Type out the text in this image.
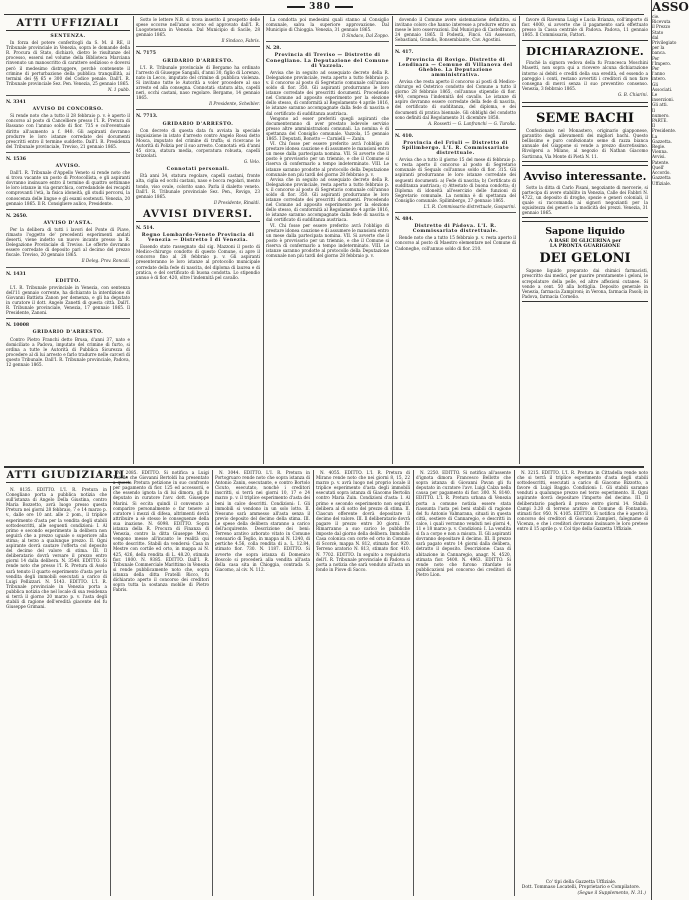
380
ATTI UFFIZIALI
SENTENZA.
In forza del potere conferitogli da S. M. il RE, il Tribunale provinciale in Venezia, sopra le domande della R. Procura di Stato, dichiarò, dietro le risultanze del processo, essersi nel volume della Biblioteca Marciana rinvenuto un manoscritto di carattere sedizioso e doversi però il medesimo distruggere, perchè contenente il crimine di perturbazione della pubblica tranquillità, ai termini dei §§ 65 e 300 del Codice penale. Dall'I. R. Tribunale provinciale Sez. Pen. Venezia, 25 gennaio 1865.
N. 1 pubb.
N. 3341
AVVISO DI CONCORSO.
Si rende noto che a tutto il 28 febbraio p. v. è aperto il concorso al posto di Cancelliere presso l'I. R. Pretura di Bassano con l'annuo soldo di fior. 735 e coll'eventuale diritto all'aumento a f. 840. Gli aspiranti dovranno produrre le loro istanze corredate dei documenti prescritti entro il termine suddetto. Dall'I. R. Presidenza del Tribunale provinciale, Treviso, 21 gennaio 1865.
N. 1536
AVVISO.
Dall'I. R. Tribunale d'Appello Veneto si rende noto che si trova vacante un posto di Protocollista, e gli aspiranti dovranno insinuare entro il termine di quattro settimane le loro istanze in via gerarchica, corredandole dei recapiti comprovanti l'età, la fisica idoneità, gli studii percorsi, la conoscenza delle lingue e gli esami sostenuti. Venezia, 20 gennaio 1865. Il R. Consigliere aulico, Presidente.
N. 2650.
AVVISO D'ASTA.
Per la delibera di tutti i lavori del Ponte di Piave, rimasto l'oggetto de' precedenti esperimenti andati deserti, viene indetto un nuovo incanto presso la R. Delegazione Provinciale di Treviso. Le offerte dovranno essere corredate di deposito pari al decimo del prezzo fiscale. Treviso, 20 gennaio 1865.
Il Deleg. Prov. Roncali.
N. 1431
EDITTO.
L'I. R. Tribunale provinciale in Venezia, con sentenza dell'11 gennaio corrente, ha dichiarato la interdizione di Giovanni Battista Zanon per demenza, e gli ha deputato in curatore il dott. Angelo Zanetti di questa città. Dall'I. R. Tribunale provinciale, Venezia, 17 gennaio 1865. Il Presidente, Zanoni.
N. 10008
GRIDARIO D'ARRESTO.
Contro Pietro Franchi detto Brusa, d'anni 37, nato e domiciliato a Padova, imputato del crimine di furto, si ordina a tutte le Autorità di Pubblica Sicurezza di procedere al di lui arresto e farlo tradurre nelle carceri di questo Tribunale. Dall'I. R. Tribunale provinciale, Padova, 12 gennaio 1865.
Sotto le lettere N.B. si trova inserito il prospetto delle spese occorse nell'anno scorso ed approvato dall'I. R. Luogotenenza in Venezia. Dal Municipio di Sacile, 28 gennaio 1865.
Il Sindaco, Fabris.
N. 7175
GRIDARIO D'ARRESTO.
L'I. R. Tribunale provinciale di Bergamo ha ordinato l'arresto di Giuseppe Sangalli, d'anni 30, figlio di Lorenzo, nato in Lecco, imputato del crimine di pubblica violenza. Si invitano tutte le Autorità a voler procedere al suo arresto ed alla consegna. Connotati: statura alta, capelli neri, occhi castani, naso regolare. Bergamo, 14 gennaio 1865.
Il Presidente, Scheibler.
N. 7713.
GRIDARIO D'ARRESTO.
Con decreto di questa data fu avviata la speciale inquisizione in istato d'arresto contro Angelo Rossi detto Mosca, imputato del crimine di truffa; si ricercano le Autorità di Polizia per il suo arresto. Connotati: età d'anni 45 circa, statura media, corporatura robusta, capelli brizzolati.
G. Velo.
Connotati personali.
Età anni 34, statura regolare, capelli castani, fronte alta, ciglia ed occhi castani, naso e bocca regolari, mento tondo, viso ovale, colorito sano. Parla il dialetto veneto. Dall'I. R. Tribunale provinciale Sez. Pen., Rovigo, 23 gennaio 1865.
Il Presidente, Rinaldi.
AVVISI DIVERSI.
N. 514.
Regno Lombardo-Veneto Provincia di Venezia — Distretto I di Venezia.
Essendo stato rassegnato dal sig. Mazzoni il posto di Medico-chirurgo condotto di questo Comune, si apre il concorso fino al 28 febbraio p. v. Gli aspiranti presenteranno le loro istanze al protocollo municipale corredate della fede di nascita, del diploma di laurea e di pratica, e del certificato di buona condotta. Lo stipendio annuo è di fior. 420, oltre l'indennità pel cavallo.
La condotta poi medesimi quali stanno al Consiglio comunale, salva la superiore approvazione. Dal Municipio di Chioggia. Venezia, 31 gennaio 1865.
Il Sindaco, Dal Zoppo.
N. 28.
Provincia di Treviso — Distretto di Conegliano. La Deputazione del Comune di Vazzola.
Avvisa che in seguito ad ossequiato decreto della R. Delegazione provinciale, resta aperto a tutto febbraio p. v. il concorso al posto di Segretario comunale coll'annuo soldo di fior. 350. Gli aspiranti produrranno le loro istanze corredate dei prescritti documenti. Procedendo nel Comune ad apposito esperimento per la elezione dello stesso, di conformità al Regolamento 4 aprile 1816, le istanze saranno accompagnate dalla fede di nascita e dal certificato di sudditanza austriaca.
Vengono ad esser preferiti quegli aspiranti che documenteranno di aver prestato lodevole servizio presso altre amministrazioni comunali. La nomina è di spettanza del Consiglio comunale. Vazzola, 15 gennaio 1865. I Deputati, Bonotto — Carnielli — Zanin.
VI. Chi fosse per essere preferito avrà l'obbligo di prestare idonea cauzione e di assumere le mansioni entro un mese dalla partecipata nomina. VII. Si avverte che il posto è provvisorio per un triennio, e che il Comune si riserva di confermarlo a tempo indeterminato. VIII. Le istanze saranno prodotte al protocollo della Deputazione comunale non più tardi del giorno 28 febbraio p. v.
Avvisa che in seguito ad ossequiato decreto della R. Delegazione provinciale, resta aperto a tutto febbraio p. v. il concorso al posto di Segretario comunale coll'annuo soldo di fior. 350. Gli aspiranti produrranno le loro istanze corredate dei prescritti documenti. Procedendo nel Comune ad apposito esperimento per la elezione dello stesso, di conformità al Regolamento 4 aprile 1816, le istanze saranno accompagnate dalla fede di nascita e dal certificato di sudditanza austriaca.
VI. Chi fosse per essere preferito avrà l'obbligo di prestare idonea cauzione e di assumere le mansioni entro un mese dalla partecipata nomina. VII. Si avverte che il posto è provvisorio per un triennio, e che il Comune si riserva di confermarlo a tempo indeterminato. VIII. Le istanze saranno prodotte al protocollo della Deputazione comunale non più tardi del giorno 28 febbraio p. v.
dovendo il Comune avere sistemazione definitiva, si invitano coloro che hanno interesse a produrre entro un mese le loro osservazioni. Dal Municipio di Castelfranco, 24 gennaio 1865. Il Podestà, Fincó. Gli Assessori, Sebastiani, Grandis, Bonsembiante, Cav. Agostini.
N. 417.
Provincia di Rovigo. Distretto di Lendinara — Comune di Villanova del Ghebbo. La Deputazione amministrativa.
Avvisa che resta aperto il concorso ai posti di Medico-chirurgo ed Ostetrico condotto del Comune a tutto il giorno 28 febbraio 1865, coll'annuo stipendio di fior. 490, compresa l'indennità del cavallo. Le istanze di aspiro dovranno essere corredate della fede di nascita, del certificato di sudditanza, del diploma, e dei documenti di pratica biennale. Gli obblighi del condotto sono definiti dal Regolamento 31 dicembre 1858.
A. Rossetti — G. Lanfranchi — G. Turolla.
N. 410.
Provincia del Friuli — Distretto di Spilimbergo. L'I. R. Commissariato distrettuale.
Avvisa che a tutto il giorno 15 del mese di febbraio p. v. resta aperto il concorso al posto di Segretario comunale di Sequals coll'annuo soldo di fior. 315. Gli aspiranti produrranno le loro istanze corredate dei seguenti documenti: a) Fede di nascita; b) Certificato di sudditanza austriaca; c) Attestato di buona condotta; d) Diploma di idoneità all'esercizio delle funzioni di Segretario comunale. La nomina è di spettanza del Consiglio comunale. Spilimbergo, 27 gennaio 1865.
L'I. R. Commissario distrettuale, Gasparini.
N. 484.
Distretto di Pádova. L'I. R. Commissariato distrettuale.
Rende noto che a tutto 15 febbraio p. v. resta aperto il concorso al posto di Maestro elementare nel Comune di Cadoneghe, coll'annuo soldo di fior. 210.
favore di Ravenna Luigi e Lucia Brianza, coll'importo di fior. 4000, si avverte che il pagamento sarà effettuato presso la Cassa centrale di Padova. Padova, 11 gennaio 1865. Il Commissario, Fattori.
DICHIARAZIONE.
Finchè la signora vedova della fu Francesca Moschini Masetti, non sopra qui a ricevere alcuna dichiarazione intorno ai debiti e crediti della sua eredità, ed essendo a pareggio i conti, restano avvertiti i creditori di non fare consegna di merci senza il suo preventivo consenso. Venezia, 3 febbraio 1865.
G. B. Chiarini.
SEME BACHI
Confezionato nel Monastero, originario giapponese, garantito degli allevamenti dei migliori bachi. Questo bellissimo e puro confezionato seme di razza bianca annuale del Giappone si vende a prezzo discretissimo. Rivolgersi a Milano, al negozio di Nathan Giacomo Sartirana, Via Monte di Pietà N. 11.
Avviso interessante.
Sotto la ditta di Carlo Pisani, negoziante di mercerie, si partecipa di avere stabilito in Venezia, Calle dei Fabbri N. 4722, un deposito di droghe, spezie e generi coloniali, il quale si raccomanda ai signori negozianti per la squisitezza dei generi e la modicità dei prezzi. Venezia, 31 gennaio 1865.
Sapone liquido
A BASE DI GLICERINA per
LA PRONTA GUARIGIONE
DEI GELONI
Sapone liquido preparato dai chimici farmacisti, prescritto dai medici, per guarire prontamente i geloni, le screpolature della pelle, ed altre affezioni cutanee. Si vende a cent. 50 alla bottiglia. Deposito generale in Venezia, farmacia Zampironi; in Verona, farmacia Pasoli; in Padova, farmacia Cornelio.
ATTI GIUDIZIARII.
N. 8135. EDITTO. L'I. R. Pretura in Conegliano porta a pubblica notizia che sull'istanza di Angelo Della Giustina, contro Maria Bozzetto, avrà luogo presso questa Pretura nei giorni 28 febbraio, 7 e 14 marzo p. v., dalle ore 10 ant. alle 2 pom., il triplice esperimento d'asta per la vendita degli stabili sottodescritti, alle seguenti condizioni: I. Al primo e secondo esperimento la delibera non seguirà che a prezzo uguale o superiore alla stima; al terzo a qualunque prezzo. II. Ogni aspirante dovrà cautare l'offerta col deposito del decimo del valore di stima. III. Il deliberatario dovrà versare il prezzo entro giorni 14 dalla delibera. N. 3548. EDITTO. Si rende noto che presso l'I. R. Pretura di Asolo sarà tenuto il quarto esperimento d'asta per la vendita degli immobili esecutati a carico di Luigi Pellizzari. N. 5143. EDITTO. L'I. R. Tribunale provinciale in Venezia porta a pubblica notizia che nel locale di sua residenza si terrà il giorno 20 marzo p. v. l'asta degli stabili di ragione dell'eredità giacente del fu Giuseppe Grimani.
N. 2085. EDITTO. Si notifica a Luigi Tosello che Giovanni Bertoldi ha presentato a questa Pretura petizione in suo confronto per pagamento di fior. 125 ed accessorii, e che essendo ignota la di lui dimora, gli fu deputato in curatore l'avv. dott. Giuseppe Marini. Si eccita quindi il convenuto a comparire personalmente o far tenere al curatore i mezzi di difesa, altrimenti dovrà attribuire a sè stesso le conseguenze della sua inazione. N. 6098. EDITTO. Sopra istanza della R. Procura di Finanza di Venezia, contro la ditta Giuseppe Moro, vengono messe all'incanto le realità qui sotto descritte. Stabili da vendersi: Casa in Mestre con cortile ed orto, in mappa ai N. 425, 426, della rendita di L. 48.20, stimata fior. 1800. N. 9385. EDITTO. Dall'I. R. Tribunale Commerciale Marittimo in Venezia si rende pubblicamente noto che, sopra istanza della ditta Fratelli Ricco, fu dichiarato aperto il concorso dei creditori sopra tutta la sostanza mobile di Pietro Fabris.
N. 3044. EDITTO. L'I. R. Pretura in Portogruaro rende noto che sopra istanza di Antonio Zanin, esecutante, e contro Bortolo Cicuto, esecutato, nonchè i creditori inscritti, si terrà nei giorni 10, 17 e 24 marzo p. v. il triplice esperimento d'asta dei beni in calce descritti. Condizioni: I. Gli immobili si vendono in un solo lotto. II. Nessuno sarà ammesso all'asta senza il previo deposito del decimo della stima. III. Le spese della delibera staranno a carico dell'acquirente. Descrizione dei beni: Terreno arativo arborato vitato in Comune censuario di Teglio, in mappa al N. 1240, di pertiche 4.56, colla rendita di a. L. 12.84, stimato fior. 730. N. 1187. EDITTO. Si avverte che sopra istanza di Domenico Boscolo si procederà alla vendita all'asta della casa sita in Chioggia, contrada S. Giacomo, al civ. N. 112.
N. 4055. EDITTO. L'I. R. Pretura di Mirano rende noto che nei giorni 8, 15, 22 marzo p. v. avrà luogo nel proprio locale il triplice esperimento d'asta degli immobili esecutati sopra istanza di Giacomo Bertolin contro Maria Zuin. Condizioni d'asta: I. Al primo e secondo esperimento non seguirà delibera al di sotto del prezzo di stima. II. Ciascun offerente dovrà depositare il decimo del valore. III. Il deliberatario dovrà pagare il prezzo entro 30 giorni. IV. Rimarranno a suo carico le pubbliche imposte dal giorno della delibera. Immobili: Casa colonica con corte ed orto in Comune di Scorzè, mappa N. 812, stimata fior. 920. Terreno aratorio N. 813, stimato fior. 410. N. 7702. EDITTO. In seguito a requisitoria dell'I. R. Tribunale provinciale di Padova si porta a notizia che sarà venduto all'asta un fondo in Piove di Sacco.
N. 2250. EDITTO. Si notifica all'assente d'ignota dimora Francesco Bellotto che sopra istanza di Giovanni Pavan gli fu deputato in curatore l'avv. Luigi Calza nella causa per pagamento di fior. 300. N. 8140. EDITTO. L'I. R. Pretura urbana di Venezia porta a comune notizia essere stata riassunta l'asta pei beni stabili di ragione del fu Antonio Valmarana, situati in questa città, sestiere di Cannaregio, e descritti in calce, i quali verranno venduti nei giorni 4, 11 e 18 marzo p. v. Condizioni: I. La vendita si fa a corpo e non a misura. II. Gli aspiranti dovranno depositare il decimo. III. Il prezzo sarà pagato entro 14 giorni dalla delibera, detratto il deposito. Descrizione: Casa di abitazione in Cannaregio, anagr. N. 4520, stimata fior. 5400. N. 4963. EDITTO. Si rende noto che furono ritardate le pubblicazioni pel concorso dei creditori di Pietro Lion.
N. 3215. EDITTO. L'I. R. Pretura in Cittadella rende noto che si terrà il triplice esperimento d'asta degli stabili sottodescritti, esecutati a carico di Giacomo Bizzotto, a favore di Luigi Baggio. Condizioni: I. Gli stabili saranno venduti a qualunque prezzo nel terzo esperimento. II. Ogni aspirante dovrà depositare l'importo del decimo. III. Il deliberatario pagherà il prezzo entro giorni 14. Stabili: Campi 3.20 di terreno arativo in Comune di Fontaniva, stimati fior. 950. N. 4105. EDITTO. Si notifica che è aperto il concorso dei creditori di Giovanni Zampieri, falegname di Vicenza, e che i creditori dovranno insinuare le loro pretese entro il 15 aprile p. v. Col tipo della Gazzetta Uffiziale.
Co' tipi della Gazzetta Uffiziale.
Dott. Tommaso Locatelli, Proprietario e Compilatore.
(Segue il Supplemento, N. 31.)
ASSO
cie. Ricevuta il Prezzo Stato dal Privilegiato per la banca. Per l'Impero. Per l'anno intero. Gli Associati. Le inserzioni. Gli atti. Il numero. PARTE. Il Presidente. La Gazzetta. Regie. Vienna. Avvisi. Patente. Quell' Accordo. Gazzetta Uffiziale.
